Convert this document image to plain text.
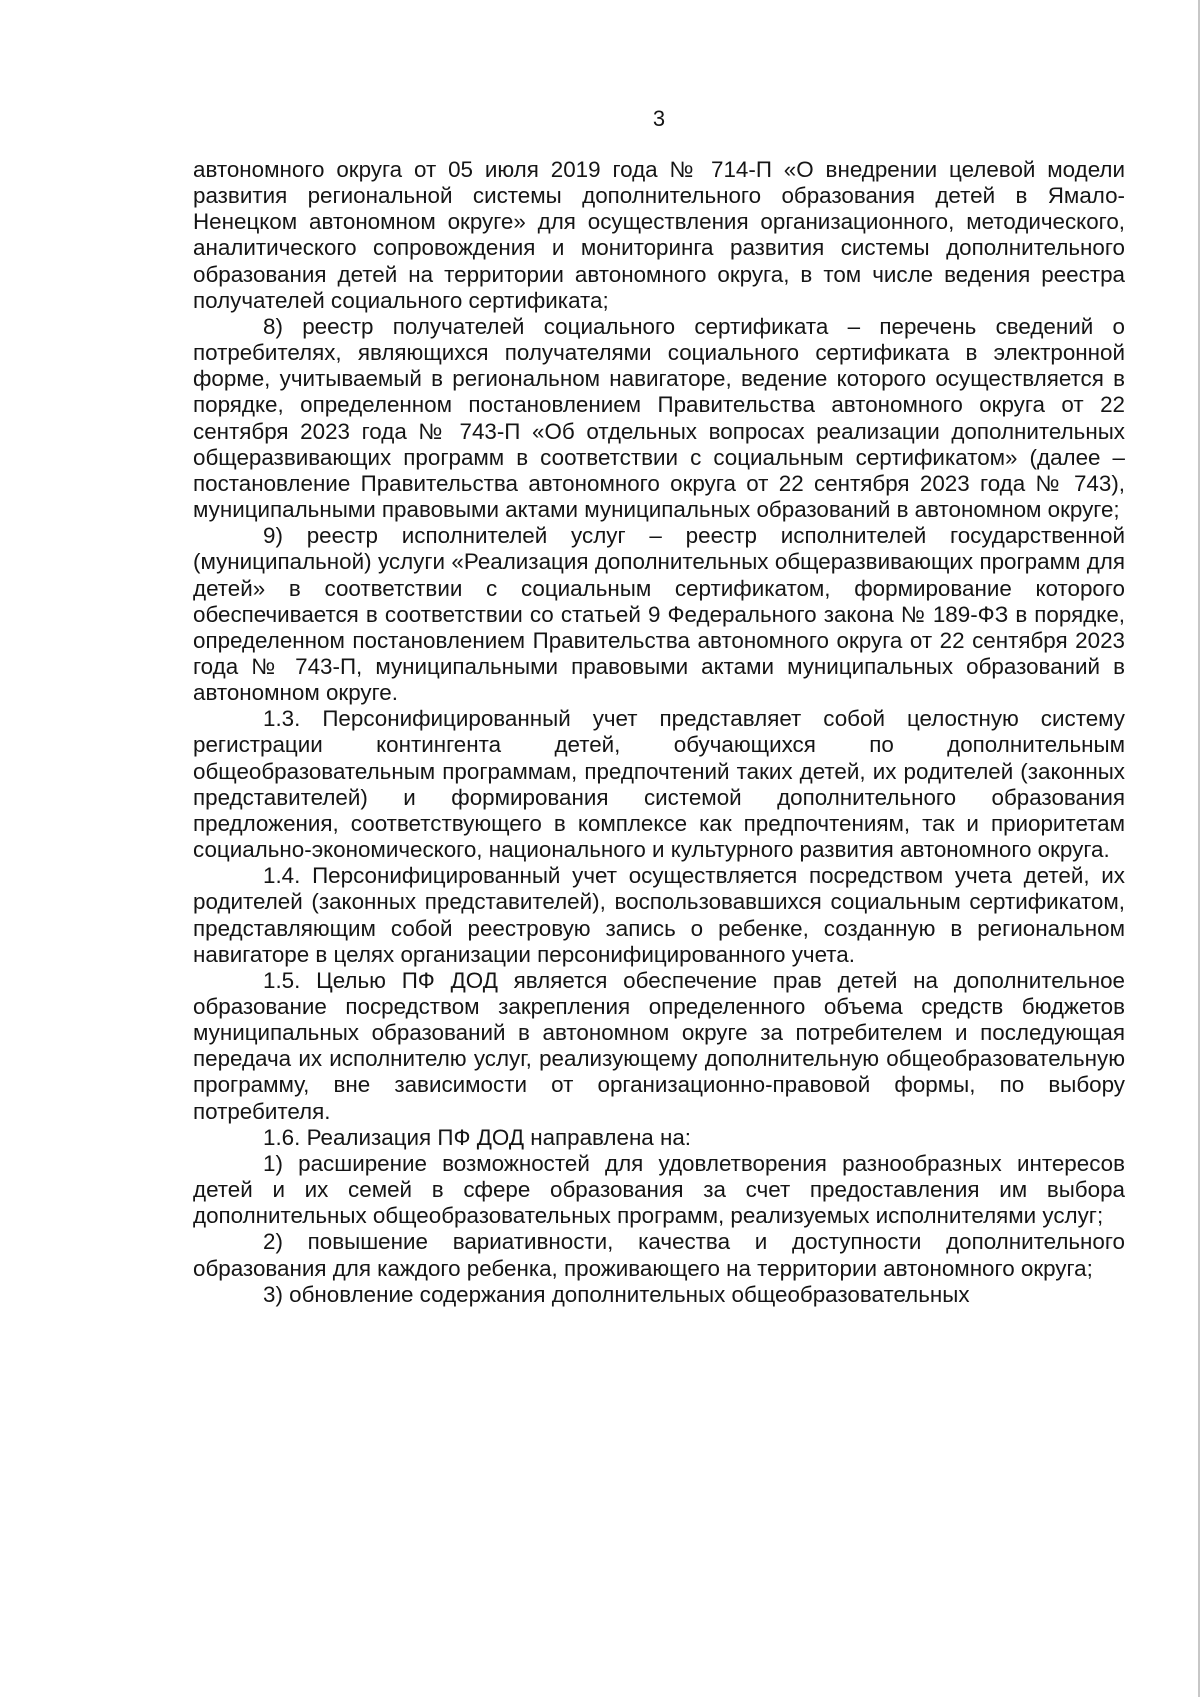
3

автономного округа от 05 июля 2019 года № 714-П «О внедрении целевой модели развития региональной системы дополнительного образования детей в Ямало-Ненецком автономном округе» для осуществления организационного, методического, аналитического сопровождения и мониторинга развития системы дополнительного образования детей на территории автономного округа, в том числе ведения реестра получателей социального сертификата;

8) реестр получателей социального сертификата – перечень сведений о потребителях, являющихся получателями социального сертификата в электронной форме, учитываемый в региональном навигаторе, ведение которого осуществляется в порядке, определенном постановлением Правительства автономного округа от 22 сентября 2023 года № 743-П «Об отдельных вопросах реализации дополнительных общеразвивающих программ в соответствии с социальным сертификатом» (далее – постановление Правительства автономного округа от 22 сентября 2023 года № 743), муниципальными правовыми актами муниципальных образований в автономном округе;

9) реестр исполнителей услуг – реестр исполнителей государственной (муниципальной) услуги «Реализация дополнительных общеразвивающих программ для детей» в соответствии с социальным сертификатом, формирование которого обеспечивается в соответствии со статьей 9 Федерального закона № 189-ФЗ в порядке, определенном постановлением Правительства автономного округа от 22 сентября 2023 года № 743-П, муниципальными правовыми актами муниципальных образований в автономном округе.

1.3. Персонифицированный учет представляет собой целостную систему регистрации контингента детей, обучающихся по дополнительным общеобразовательным программам, предпочтений таких детей, их родителей (законных представителей) и формирования системой дополнительного образования предложения, соответствующего в комплексе как предпочтениям, так и приоритетам социально-экономического, национального и культурного развития автономного округа.

1.4. Персонифицированный учет осуществляется посредством учета детей, их родителей (законных представителей), воспользовавшихся социальным сертификатом, представляющим собой реестровую запись о ребенке, созданную в региональном навигаторе в целях организации персонифицированного учета.

1.5. Целью ПФ ДОД является обеспечение прав детей на дополнительное образование посредством закрепления определенного объема средств бюджетов муниципальных образований в автономном округе за потребителем и последующая передача их исполнителю услуг, реализующему дополнительную общеобразовательную программу, вне зависимости от организационно-правовой формы, по выбору потребителя.

1.6. Реализация ПФ ДОД направлена на:

1) расширение возможностей для удовлетворения разнообразных интересов детей и их семей в сфере образования за счет предоставления им выбора дополнительных общеобразовательных программ, реализуемых исполнителями услуг;

2) повышение вариативности, качества и доступности дополнительного образования для каждого ребенка, проживающего на территории автономного округа;

3) обновление содержания дополнительных общеобразовательных
